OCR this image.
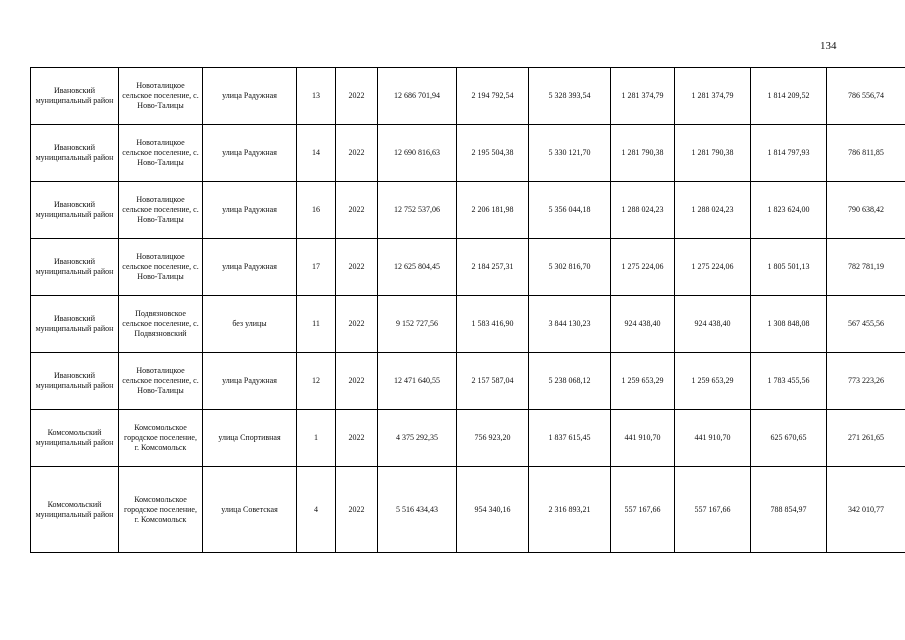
134
Ивановский муниципальный район	Новоталицкое сельское поселение, с. Ново-Талицы	улица Радужная	13	2022	12 686 701,94	2 194 792,54	5 328 393,54	1 281 374,79	1 281 374,79	1 814 209,52	786 556,74
Ивановский муниципальный район	Новоталицкое сельское поселение, с. Ново-Талицы	улица Радужная	14	2022	12 690 816,63	2 195 504,38	5 330 121,70	1 281 790,38	1 281 790,38	1 814 797,93	786 811,85
Ивановский муниципальный район	Новоталицкое сельское поселение, с. Ново-Талицы	улица Радужная	16	2022	12 752 537,06	2 206 181,98	5 356 044,18	1 288 024,23	1 288 024,23	1 823 624,00	790 638,42
Ивановский муниципальный район	Новоталицкое сельское поселение, с. Ново-Талицы	улица Радужная	17	2022	12 625 804,45	2 184 257,31	5 302 816,70	1 275 224,06	1 275 224,06	1 805 501,13	782 781,19
Ивановский муниципальный район	Подвязновское сельское поселение, с. Подвязновский	без улицы	11	2022	9 152 727,56	1 583 416,90	3 844 130,23	924 438,40	924 438,40	1 308 848,08	567 455,56
Ивановский муниципальный район	Новоталицкое сельское поселение, с. Ново-Талицы	улица Радужная	12	2022	12 471 640,55	2 157 587,04	5 238 068,12	1 259 653,29	1 259 653,29	1 783 455,56	773 223,26
Комсомольский муниципальный район	Комсомольское городское поселение, г. Комсомольск	улица Спортивная	1	2022	4 375 292,35	756 923,20	1 837 615,45	441 910,70	441 910,70	625 670,65	271 261,65
Комсомольский муниципальный район	Комсомольское городское поселение, г. Комсомольск	улица Советская	4	2022	5 516 434,43	954 340,16	2 316 893,21	557 167,66	557 167,66	788 854,97	342 010,77
